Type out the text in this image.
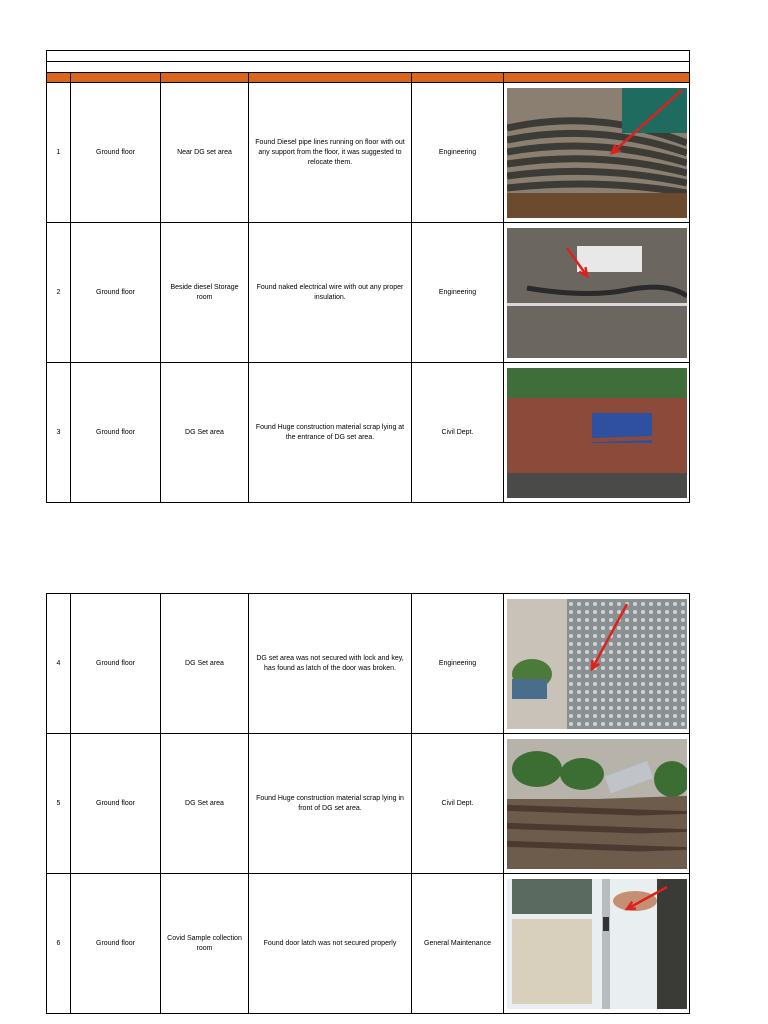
1	Ground floor	Near DG set area	Found Diesel pipe lines running on floor with out any support from the floor, it was suggested to relocate them.	Engineering	

2	Ground floor	Beside diesel Storage room	Found naked electrical wire with out any proper insulation.	Engineering	

3	Ground floor	DG Set area	Found Huge construction material scrap lying at the entrance of DG set area.	Civil Dept.	
4	Ground floor	DG Set area	DG set area was not secured with lock and key, has found as latch of the door was broken.	Engineering	

5	Ground floor	DG Set area	Found Huge construction material scrap lying in front of DG set area.	Civil Dept.	

6	Ground floor	Covid Sample collection room	Found door latch was not secured properly	General Maintenance	
